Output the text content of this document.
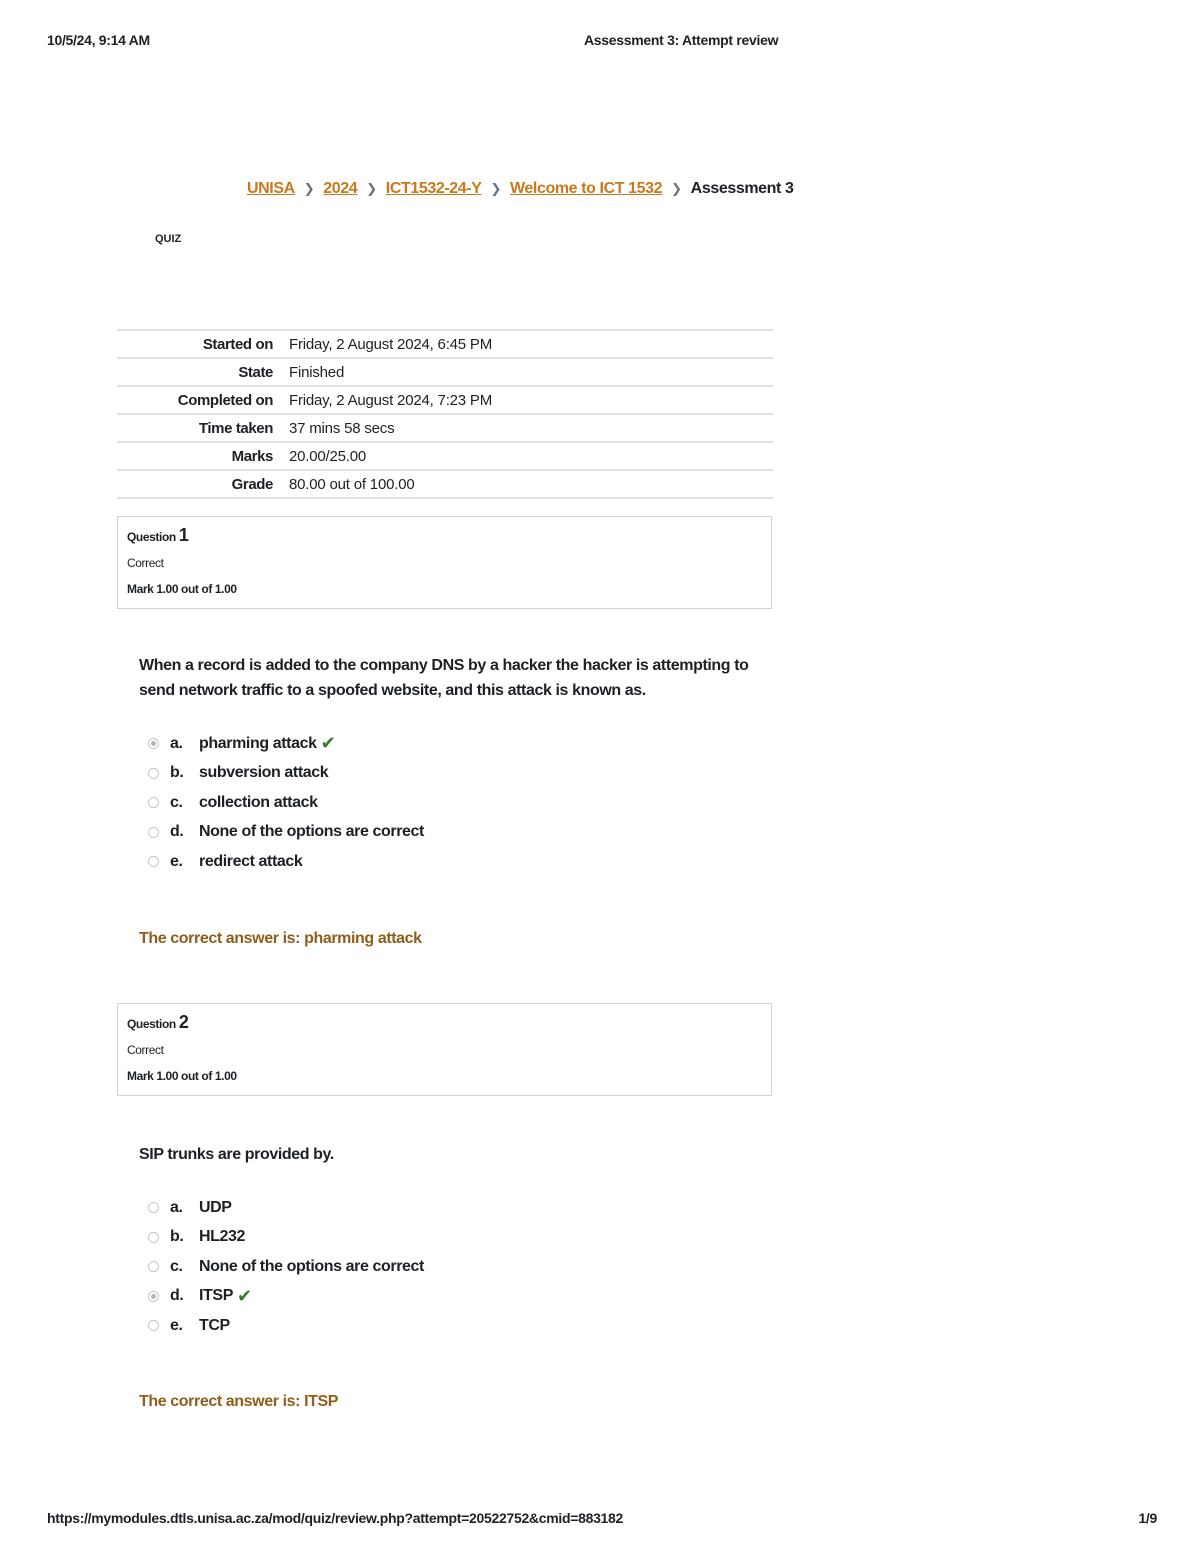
10/5/24, 9:14 AM	Assessment 3: Attempt review
UNISA ❯ 2024 ❯ ICT1532-24-Y ❯ Welcome to ICT 1532 ❯ Assessment 3
QUIZ
Started on	Friday, 2 August 2024, 6:45 PM
State	Finished
Completed on	Friday, 2 August 2024, 7:23 PM
Time taken	37 mins 58 secs
Marks	20.00/25.00
Grade	80.00 out of 100.00
Question 1
Correct
Mark 1.00 out of 1.00
When a record is added to the company DNS by a hacker the hacker is attempting to send network traffic to a spoofed website, and this attack is known as.
a.	pharming attack ✔
b. subversion attack
c.	collection attack
d. None of the options are correct
e.	redirect attack
The correct answer is: pharming attack
Question 2
Correct
Mark 1.00 out of 1.00
SIP trunks are provided by.
a.	UDP
b. HL232
c.	None of the options are correct
d. ITSP ✔
e.	TCP
The correct answer is: ITSP
https://mymodules.dtls.unisa.ac.za/mod/quiz/review.php?attempt=20522752&cmid=883182	1/9
